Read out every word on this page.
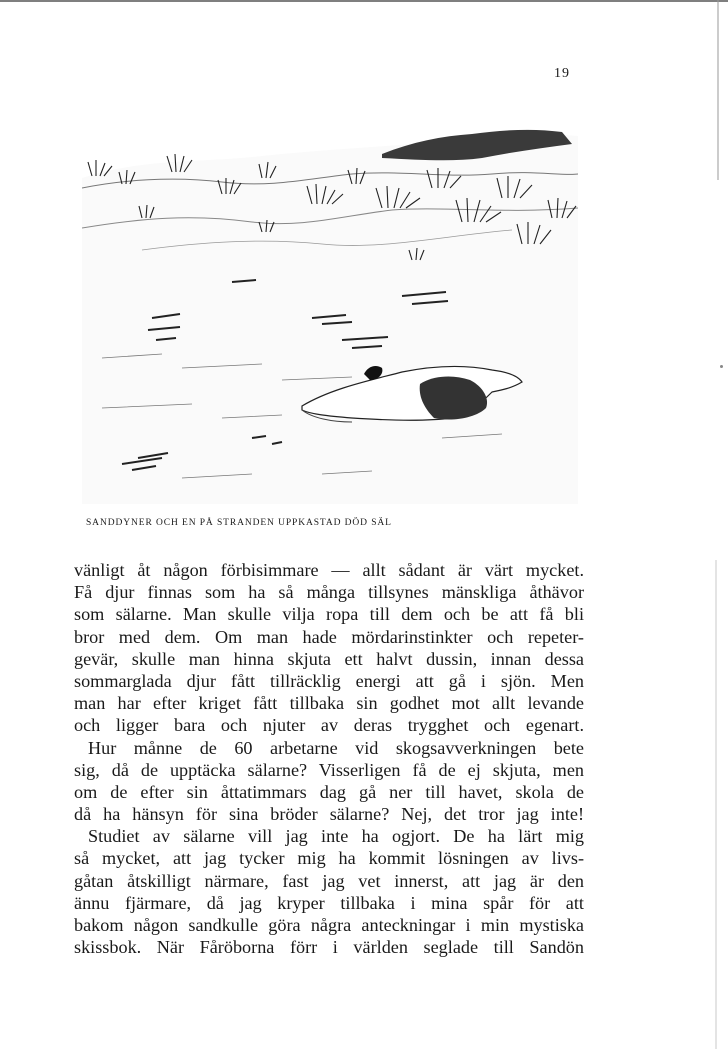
19
SANDDYNER OCH EN PÅ STRANDEN UPPKASTAD DÖD SÄL
vänligt åt någon förbisimmare — allt sådant är värt mycket.
Få djur finnas som ha så många tillsynes mänskliga åthävor
som sälarne. Man skulle vilja ropa till dem och be att få bli
bror med dem. Om man hade mördarinstinkter och repeter-
gevär, skulle man hinna skjuta ett halvt dussin, innan dessa
sommarglada djur fått tillräcklig energi att gå i sjön. Men
man har efter kriget fått tillbaka sin godhet mot allt levande
och ligger bara och njuter av deras trygghet och egenart.
Hur månne de 60 arbetarne vid skogsavverkningen bete
sig, då de upptäcka sälarne? Visserligen få de ej skjuta, men
om de efter sin åttatimmars dag gå ner till havet, skola de
då ha hänsyn för sina bröder sälarne? Nej, det tror jag inte!
Studiet av sälarne vill jag inte ha ogjort. De ha lärt mig
så mycket, att jag tycker mig ha kommit lösningen av livs-
gåtan åtskilligt närmare, fast jag vet innerst, att jag är den
ännu fjärmare, då jag kryper tillbaka i mina spår för att
bakom någon sandkulle göra några anteckningar i min mystiska
skissbok. När Fåröborna förr i världen seglade till Sandön
